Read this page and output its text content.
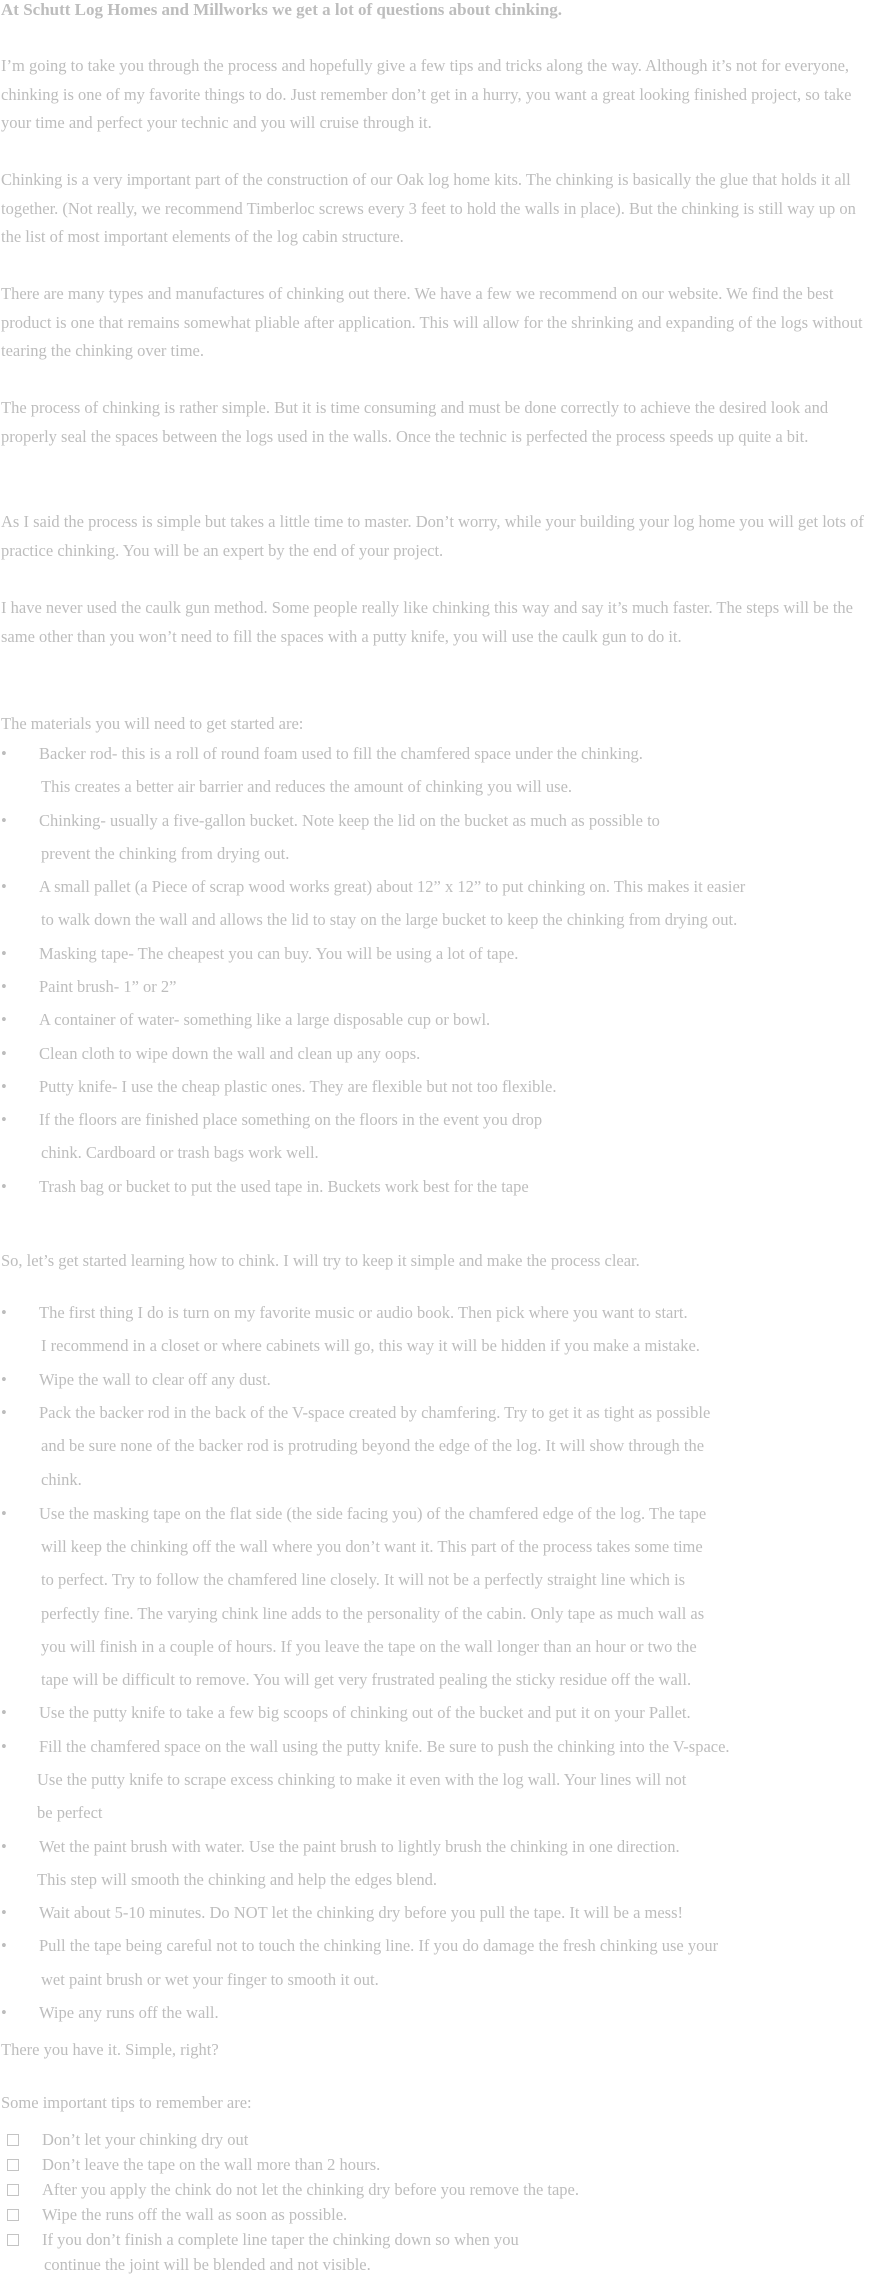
At Schutt Log Homes and Millworks we get a lot of questions about chinking.

I’m going to take you through the process and hopefully give a few tips and tricks along the way. Although it’s not for everyone, chinking is one of my favorite things to do. Just remember don’t get in a hurry, you want a great looking finished project, so take your time and perfect your technic and you will cruise through it.

Chinking is a very important part of the construction of our Oak log home kits. The chinking is basically the glue that holds it all together. (Not really, we recommend Timberloc screws every 3 feet to hold the walls in place). But the chinking is still way up on the list of most important elements of the log cabin structure.

There are many types and manufactures of chinking out there. We have a few we recommend on our website. We find the best product is one that remains somewhat pliable after application. This will allow for the shrinking and expanding of the logs without tearing the chinking over time.

The process of chinking is rather simple. But it is time consuming and must be done correctly to achieve the desired look and properly seal the spaces between the logs used in the walls. Once the technic is perfected the process speeds up quite a bit.

As I said the process is simple but takes a little time to master. Don’t worry, while your building your log home you will get lots of practice chinking. You will be an expert by the end of your project.

I have never used the caulk gun method. Some people really like chinking this way and say it’s much faster. The steps will be the same other than you won’t need to fill the spaces with a putty knife, you will use the caulk gun to do it.

The materials you will need to get started are:
• Backer rod- this is a roll of round foam used to fill the chamfered space under the chinking.
This creates a better air barrier and reduces the amount of chinking you will use.
• Chinking- usually a five-gallon bucket. Note keep the lid on the bucket as much as possible to
prevent the chinking from drying out.
• A small pallet (a Piece of scrap wood works great) about 12” x 12” to put chinking on. This makes it easier
to walk down the wall and allows the lid to stay on the large bucket to keep the chinking from drying out.
• Masking tape- The cheapest you can buy. You will be using a lot of tape.
• Paint brush- 1” or 2”
• A container of water- something like a large disposable cup or bowl.
• Clean cloth to wipe down the wall and clean up any oops.
• Putty knife- I use the cheap plastic ones. They are flexible but not too flexible.
• If the floors are finished place something on the floors in the event you drop
chink. Cardboard or trash bags work well.
• Trash bag or bucket to put the used tape in. Buckets work best for the tape
So, let’s get started learning how to chink. I will try to keep it simple and make the process clear.
• The first thing I do is turn on my favorite music or audio book. Then pick where you want to start.
I recommend in a closet or where cabinets will go, this way it will be hidden if you make a mistake.
• Wipe the wall to clear off any dust.
• Pack the backer rod in the back of the V-space created by chamfering. Try to get it as tight as possible
and be sure none of the backer rod is protruding beyond the edge of the log. It will show through the
chink.
• Use the masking tape on the flat side (the side facing you) of the chamfered edge of the log. The tape
will keep the chinking off the wall where you don’t want it. This part of the process takes some time
to perfect. Try to follow the chamfered line closely. It will not be a perfectly straight line which is
perfectly fine. The varying chink line adds to the personality of the cabin. Only tape as much wall as
you will finish in a couple of hours. If you leave the tape on the wall longer than an hour or two the
tape will be difficult to remove. You will get very frustrated pealing the sticky residue off the wall.
• Use the putty knife to take a few big scoops of chinking out of the bucket and put it on your Pallet.
• Fill the chamfered space on the wall using the putty knife. Be sure to push the chinking into the V-space.
Use the putty knife to scrape excess chinking to make it even with the log wall. Your lines will not
be perfect
• Wet the paint brush with water. Use the paint brush to lightly brush the chinking in one direction.
This step will smooth the chinking and help the edges blend.
• Wait about 5-10 minutes. Do NOT let the chinking dry before you pull the tape. It will be a mess!
• Pull the tape being careful not to touch the chinking line. If you do damage the fresh chinking use your
wet paint brush or wet your finger to smooth it out.
• Wipe any runs off the wall.
There you have it. Simple, right?
Some important tips to remember are:
Don’t let your chinking dry out
Don’t leave the tape on the wall more than 2 hours.
After you apply the chink do not let the chinking dry before you remove the tape.
Wipe the runs off the wall as soon as possible.
If you don’t finish a complete line taper the chinking down so when you
continue the joint will be blended and not visible.
